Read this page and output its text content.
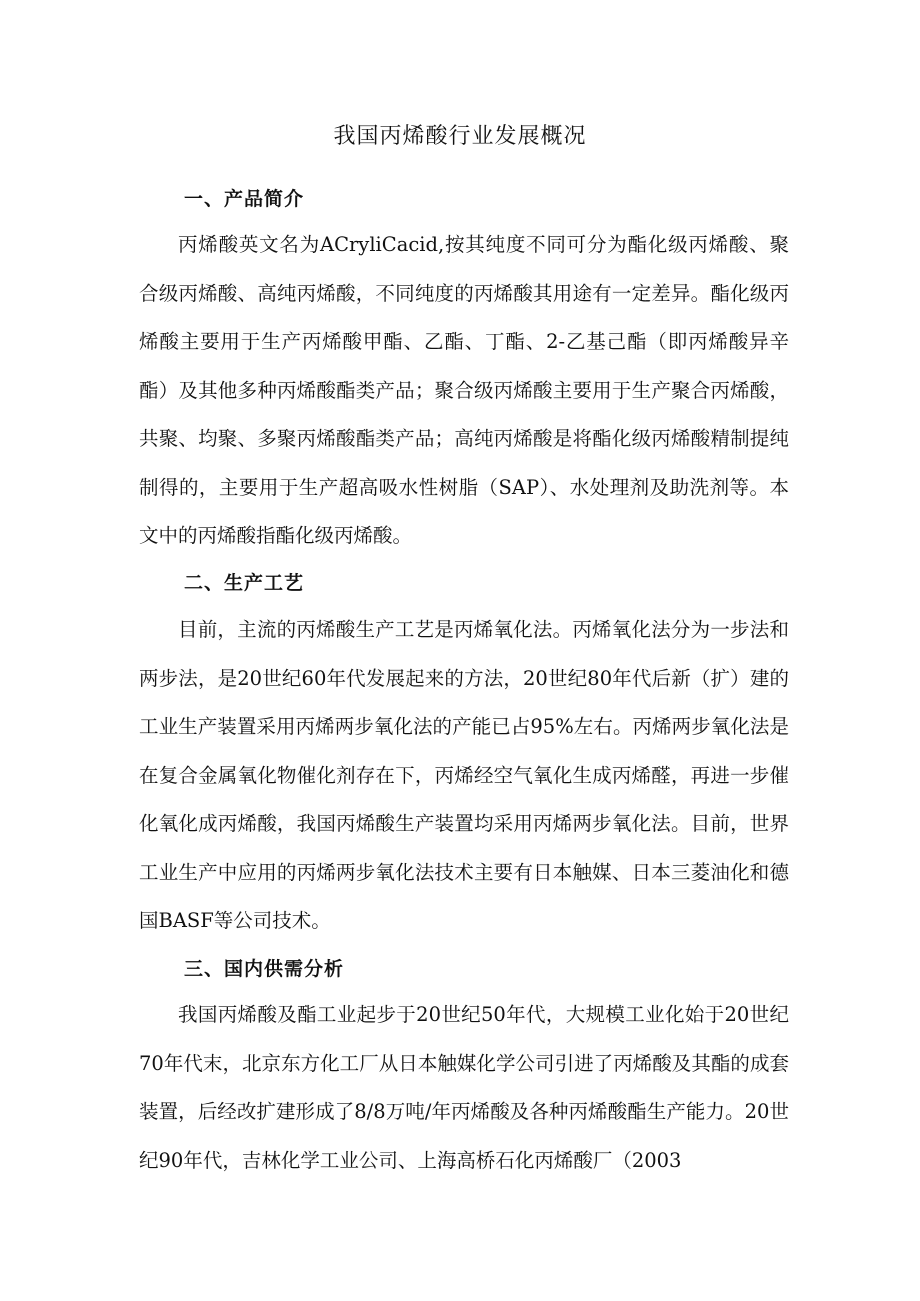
我国丙烯酸行业发展概况
一、产品简介
丙烯酸英文名为ACryliCacid,按其纯度不同可分为酯化级丙烯酸、聚合级丙烯酸、高纯丙烯酸，不同纯度的丙烯酸其用途有一定差异。酯化级丙烯酸主要用于生产丙烯酸甲酯、乙酯、丁酯、2-乙基己酯（即丙烯酸异辛酯）及其他多种丙烯酸酯类产品；聚合级丙烯酸主要用于生产聚合丙烯酸，共聚、均聚、多聚丙烯酸酯类产品；高纯丙烯酸是将酯化级丙烯酸精制提纯制得的，主要用于生产超高吸水性树脂（SAP）、水处理剂及助洗剂等。本文中的丙烯酸指酯化级丙烯酸。
二、生产工艺
目前，主流的丙烯酸生产工艺是丙烯氧化法。丙烯氧化法分为一步法和两步法，是20世纪60年代发展起来的方法，20世纪80年代后新（扩）建的工业生产装置采用丙烯两步氧化法的产能已占95%左右。丙烯两步氧化法是在复合金属氧化物催化剂存在下，丙烯经空气氧化生成丙烯醛，再进一步催化氧化成丙烯酸，我国丙烯酸生产装置均采用丙烯两步氧化法。目前，世界工业生产中应用的丙烯两步氧化法技术主要有日本触媒、日本三菱油化和德国BASF等公司技术。
三、国内供需分析
我国丙烯酸及酯工业起步于20世纪50年代，大规模工业化始于20世纪70年代末，北京东方化工厂从日本触媒化学公司引进了丙烯酸及其酯的成套装置，后经改扩建形成了8/8万吨/年丙烯酸及各种丙烯酸酯生产能力。20世纪90年代，吉林化学工业公司、上海高桥石化丙烯酸厂（2003
